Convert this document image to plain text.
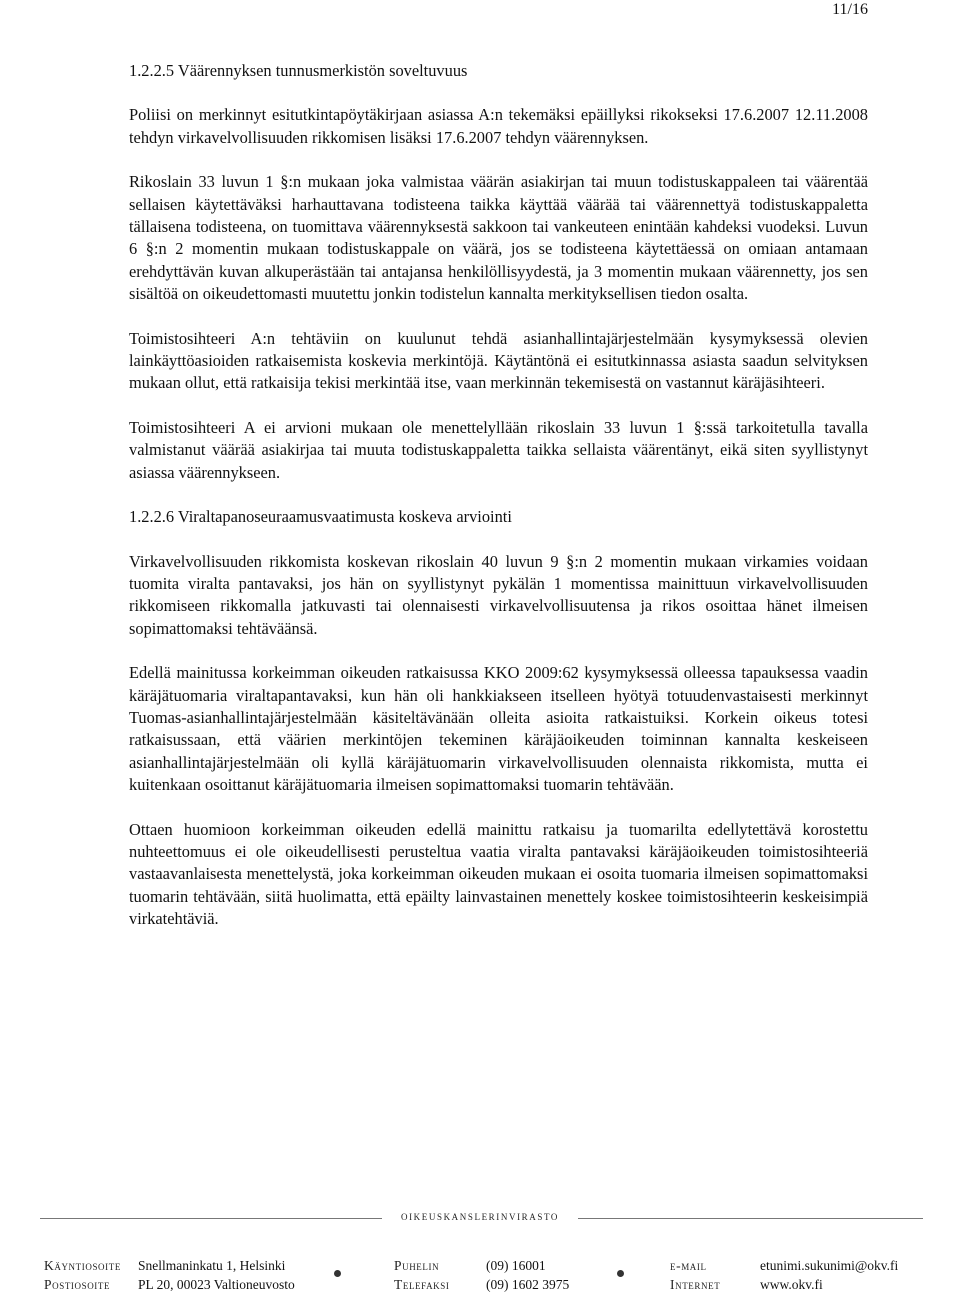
11/16
1.2.2.5 Väärennyksen tunnusmerkistön soveltuvuus

Poliisi on merkinnyt esitutkintapöytäkirjaan asiassa A:n tekemäksi epäillyksi rikokseksi 17.6.2007 12.11.2008 tehdyn virkavelvollisuuden rikkomisen lisäksi 17.6.2007 tehdyn väärennyksen.

Rikoslain 33 luvun 1 §:n mukaan joka valmistaa väärän asiakirjan tai muun todistuskappaleen tai väärentää sellaisen käytettäväksi harhauttavana todisteena taikka käyttää väärää tai väärennettyä todistuskappaletta tällaisena todisteena, on tuomittava väärennyksestä sakkoon tai vankeuteen enintään kahdeksi vuodeksi. Luvun 6 §:n 2 momentin mukaan todistuskappale on väärä, jos se todisteena käytettäessä on omiaan antamaan erehdyttävän kuvan alkuperästään tai antajansa henkilöllisyydestä, ja 3 momentin mukaan väärennetty, jos sen sisältöä on oikeudettomasti muutettu jonkin todistelun kannalta merkityksellisen tiedon osalta.

Toimistosihteeri A:n tehtäviin on kuulunut tehdä asianhallintajärjestelmään kysymyksessä olevien lainkäyttöasioiden ratkaisemista koskevia merkintöjä. Käytäntönä ei esitutkinnassa asiasta saadun selvityksen mukaan ollut, että ratkaisija tekisi merkintää itse, vaan merkinnän tekemisestä on vastannut käräjäsihteeri.

Toimistosihteeri A ei arvioni mukaan ole menettelyllään rikoslain 33 luvun 1 §:ssä tarkoitetulla tavalla valmistanut väärää asiakirjaa tai muuta todistuskappaletta taikka sellaista väärentänyt, eikä siten syyllistynyt asiassa väärennykseen.

1.2.2.6 Viraltapanoseuraamusvaatimusta koskeva arviointi

Virkavelvollisuuden rikkomista koskevan rikoslain 40 luvun 9 §:n 2 momentin mukaan virkamies voidaan tuomita viralta pantavaksi, jos hän on syyllistynyt pykälän 1 momentissa mainittuun virkavelvollisuuden rikkomiseen rikkomalla jatkuvasti tai olennaisesti virkavelvollisuutensa ja rikos osoittaa hänet ilmeisen sopimattomaksi tehtäväänsä.

Edellä mainitussa korkeimman oikeuden ratkaisussa KKO 2009:62 kysymyksessä olleessa tapauksessa vaadin käräjätuomaria viraltapantavaksi, kun hän oli hankkiakseen itselleen hyötyä totuudenvastaisesti merkinnyt Tuomas-asianhallintajärjestelmään käsiteltävänään olleita asioita ratkaistuiksi. Korkein oikeus totesi ratkaisussaan, että väärien merkintöjen tekeminen käräjäoikeuden toiminnan kannalta keskeiseen asianhallintajärjestelmään oli kyllä käräjätuomarin virkavelvollisuuden olennaista rikkomista, mutta ei kuitenkaan osoittanut käräjätuomaria ilmeisen sopimattomaksi tuomarin tehtävään.

Ottaen huomioon korkeimman oikeuden edellä mainittu ratkaisu ja tuomarilta edellytettävä korostettu nuhteettomuus ei ole oikeudellisesti perusteltua vaatia viralta pantavaksi käräjäoikeuden toimistosihteeriä vastaavanlaisesta menettelystä, joka korkeimman oikeuden mukaan ei osoita tuomaria ilmeisen sopimattomaksi tuomarin tehtävään, siitä huolimatta, että epäilty lainvastainen menettely koskee toimistosihteerin keskeisimpiä virkatehtäviä.

oikeuskanslerinvirasto
Käyntiosoite
Postiosoite
Snellmaninkatu 1, Helsinki
PL 20, 00023 Valtioneuvosto
Puhelin
Telefaksi
(09) 16001
(09) 1602 3975
e-mail
Internet
etunimi.sukunimi@okv.fi
www.okv.fi
